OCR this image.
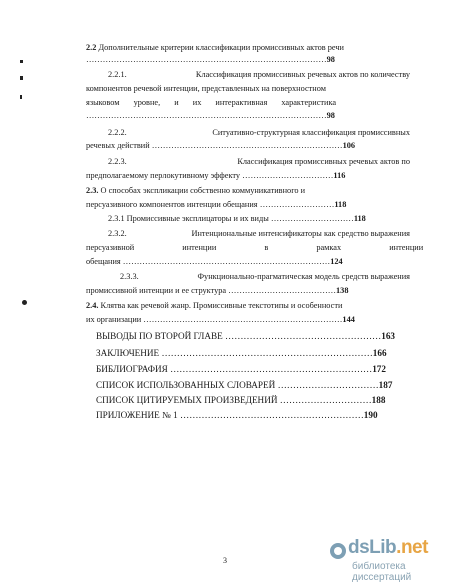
2.2 Дополнительные критерии классификации промиссивных актов речи
……………………………………………………………………………98
2.2.1.	Классификация промиссивных речевых актов по количеству
компонентов речевой интенции, представленных на поверхностном
языковом уровне, и их интерактивная характеристика
……………………………………………………………………………98
2.2.2.	Ситуативно-структурная классификация промиссивных
речевых действий ……………………………………………………………106
2.2.3.	Классификация промиссивных речевых актов по
предполагаемому перлокутивному эффекту ……………………………116
2.3. О способах экспликации собственно коммуникативного и
персуазивного компонентов интенции обещания ………………………118
2.3.1 Промиссивные эксплицаторы и их виды …………………………118
2.3.2.	Интенциональные интенсификаторы как средство выражения
персуазивной интенции в рамках интенции
обещания …………………………………………………………………124
2.3.3.	Функционально-прагматическая модель средств выражения
промиссивной интенции и ее структура …………………………………138
2.4. Клятва как речевой жанр. Промиссивные текстотипы и особенности
их организации ………………………………………………………………144
ВЫВОДЫ ПО ВТОРОЙ ГЛАВЕ ……………………………………………163
ЗАКЛЮЧЕНИЕ ……………………………………………………………166
БИБЛИОГРАФИЯ …………………………………………………………172
СПИСОК ИСПОЛЬЗОВАННЫХ СЛОВАРЕЙ ……………………………187
СПИСОК ЦИТИРУЕМЫХ ПРОИЗВЕДЕНИЙ …………………………188
ПРИЛОЖЕНИЕ № 1 ……………………………………………………190
3
dsLib.net
библиотека диссертаций
